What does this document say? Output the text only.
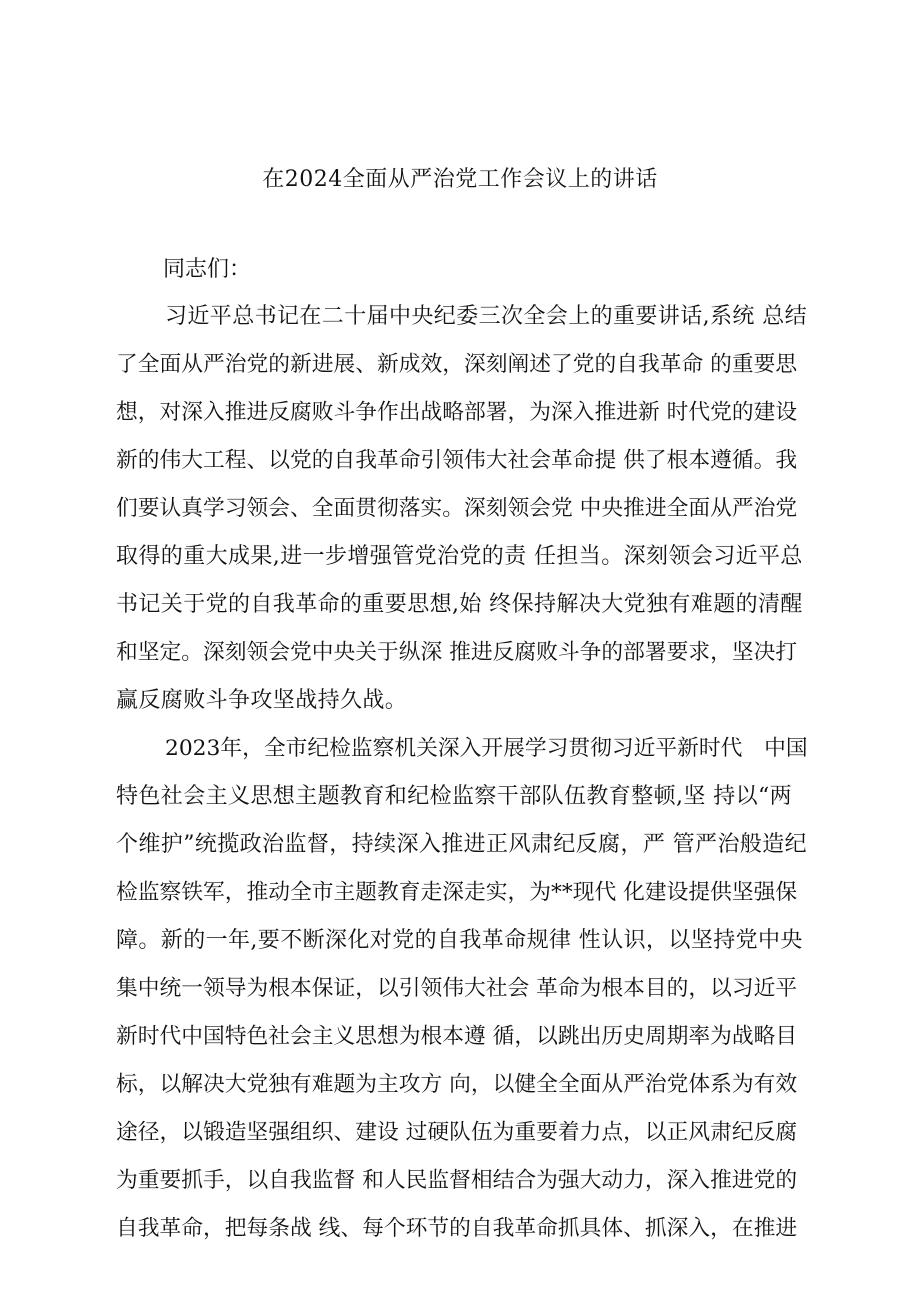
在2024全面从严治党工作会议上的讲话
同志们：
习近平总书记在二十届中央纪委三次全会上的重要讲话,系统 总结
了全面从严治党的新进展、新成效，深刻阐述了党的自我革命 的重要思
想，对深入推进反腐败斗争作出战略部署，为深入推进新 时代党的建设
新的伟大工程、以党的自我革命引领伟大社会革命提 供了根本遵循。我
们要认真学习领会、全面贯彻落实。深刻领会党 中央推进全面从严治党
取得的重大成果,进一步增强管党治党的责 任担当。深刻领会习近平总
书记关于党的自我革命的重要思想,始 终保持解决大党独有难题的清醒
和坚定。深刻领会党中央关于纵深 推进反腐败斗争的部署要求，坚决打
赢反腐败斗争攻坚战持久战。
2023年，全市纪检监察机关深入开展学习贯彻习近平新时代　中国
特色社会主义思想主题教育和纪检监察干部队伍教育整顿,坚 持以“两
个维护”统揽政治监督，持续深入推进正风肃纪反腐，严 管严治般造纪
检监察铁军，推动全市主题教育走深走实，为**现代 化建设提供坚强保
障。新的一年,要不断深化对党的自我革命规律 性认识，以坚持党中央
集中统一领导为根本保证，以引领伟大社会 革命为根本目的，以习近平
新时代中国特色社会主义思想为根本遵 循，以跳出历史周期率为战略目
标，以解决大党独有难题为主攻方 向，以健全全面从严治党体系为有效
途径，以锻造坚强组织、建设 过硬队伍为重要着力点，以正风肃纪反腐
为重要抓手，以自我监督 和人民监督相结合为强大动力，深入推进党的
自我革命，把每条战 线、每个环节的自我革命抓具体、抓深入，在推进
